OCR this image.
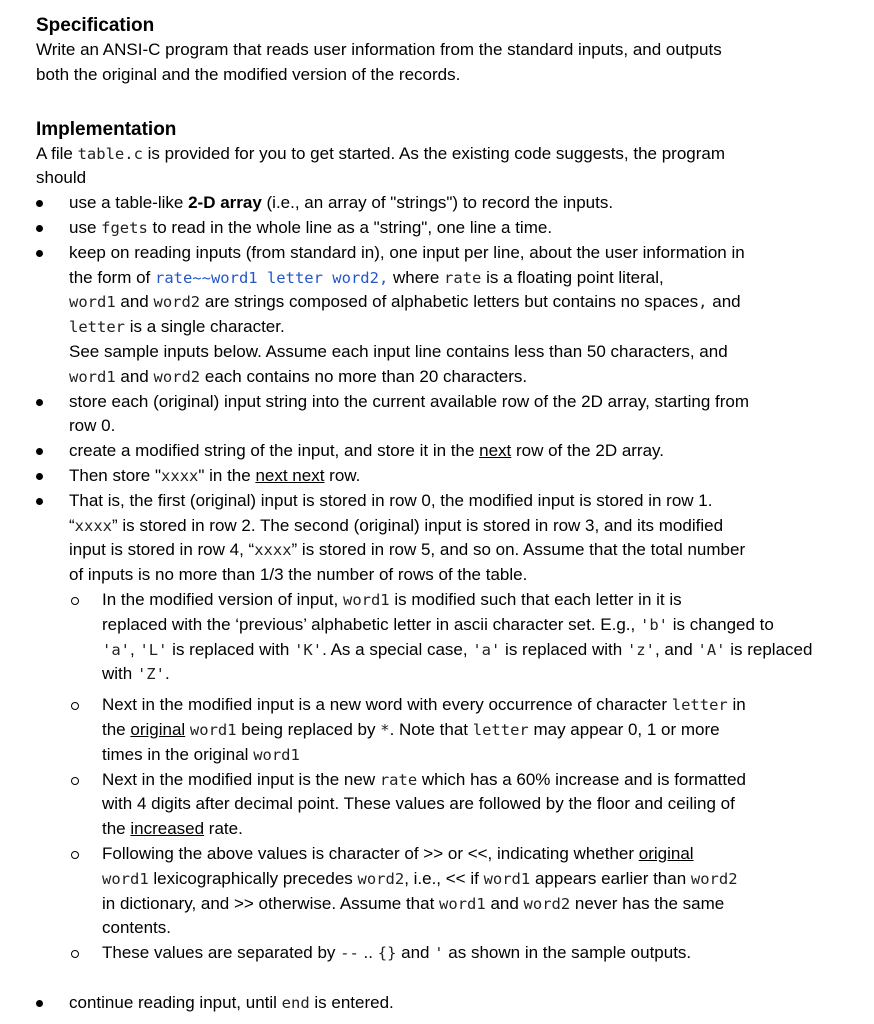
Specification

Write an ANSI-C program that reads user information from the standard inputs, and outputs
both the original and the modified version of the records.

Implementation

A file table.c is provided for you to get started. As the existing code suggests, the program
should

use a table-like 2-D array (i.e., an array of "strings") to record the inputs.
use fgets to read in the whole line as a "string", one line a time.
keep on reading inputs (from standard in), one input per line, about the user information in
the form of rate~~word1 letter word2, where rate is a floating point literal,
word1 and word2 are strings composed of alphabetic letters but contains no spaces, and
letter is a single character.
See sample inputs below. Assume each input line contains less than 50 characters, and
word1 and word2 each contains no more than 20 characters.
store each (original) input string into the current available row of the 2D array, starting from
row 0.
create a modified string of the input, and store it in the next row of the 2D array.
Then store "xxxx" in the next next row.
That is, the first (original) input is stored in row 0, the modified input is stored in row 1.
“xxxx” is stored in row 2. The second (original) input is stored in row 3, and its modified
input is stored in row 4, “xxxx” is stored in row 5, and so on. Assume that the total number
of inputs is no more than 1/3 the number of rows of the table.
In the modified version of input, word1 is modified such that each letter in it is
replaced with the ‘previous’ alphabetic letter in ascii character set. E.g., 'b' is changed to
'a', 'L' is replaced with 'K'. As a special case, 'a' is replaced with 'z', and 'A' is replaced
with 'Z'.
Next in the modified input is a new word with every occurrence of character letter in
the original word1 being replaced by *. Note that letter may appear 0, 1 or more
times in the original word1
Next in the modified input is the new rate which has a 60% increase and is formatted
with 4 digits after decimal point. These values are followed by the floor and ceiling of
the increased rate.
Following the above values is character of >> or <<, indicating whether original
word1 lexicographically precedes word2, i.e., << if word1 appears earlier than word2
in dictionary, and >> otherwise. Assume that word1 and word2 never has the same
contents.
These values are separated by -- .. {} and ' as shown in the sample outputs.
continue reading input, until end is entered.
